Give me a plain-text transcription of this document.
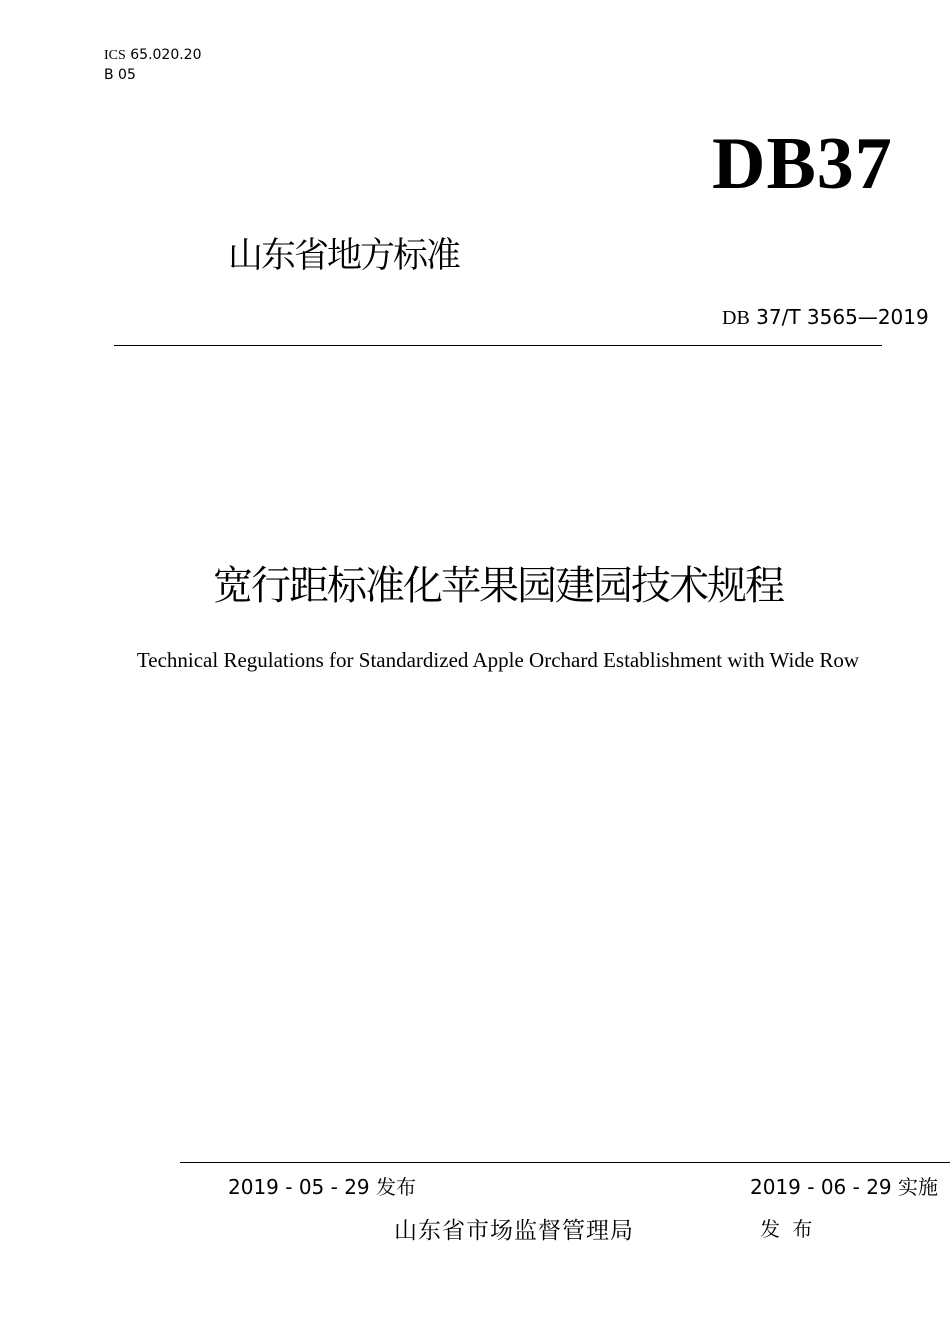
ICS 65.020.20
B 05
DB37
山东省地方标准
DB 37/T 3565—2019
宽行距标准化苹果园建园技术规程
Technical Regulations for Standardized Apple Orchard Establishment with Wide Row
2019 - 05 - 29 发布	2019 - 06 - 29 实施
山东省市场监督管理局	发 布
